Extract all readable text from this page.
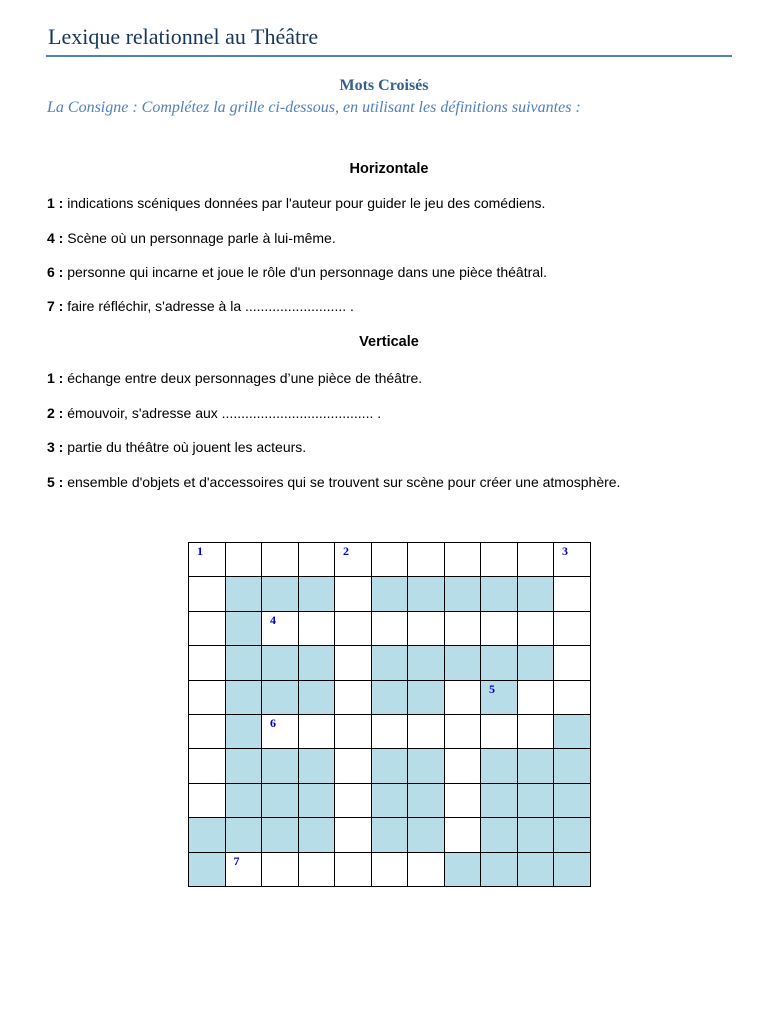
Lexique relationnel au Théâtre
Mots Croisés
La Consigne : Complétez la grille ci-dessous, en utilisant les définitions suivantes :
Horizontale
1 : indications scéniques données par l'auteur pour guider le jeu des comédiens.
4 : Scène où un personnage parle à lui-même.
6 : personne qui incarne et joue le rôle d'un personnage dans une pièce théâtral.
7 : faire réfléchir, s'adresse à la .......................... .
Verticale
1 : échange entre deux personnages d’une pièce de théâtre.
2 : émouvoir, s'adresse aux ....................................... .
3 : partie du théâtre où jouent les acteurs.
5 : ensemble d'objets et d'accessoires qui se trouvent sur scène pour créer une atmosphère.
1				2						3

		4								

								5		

		6								

	7									
